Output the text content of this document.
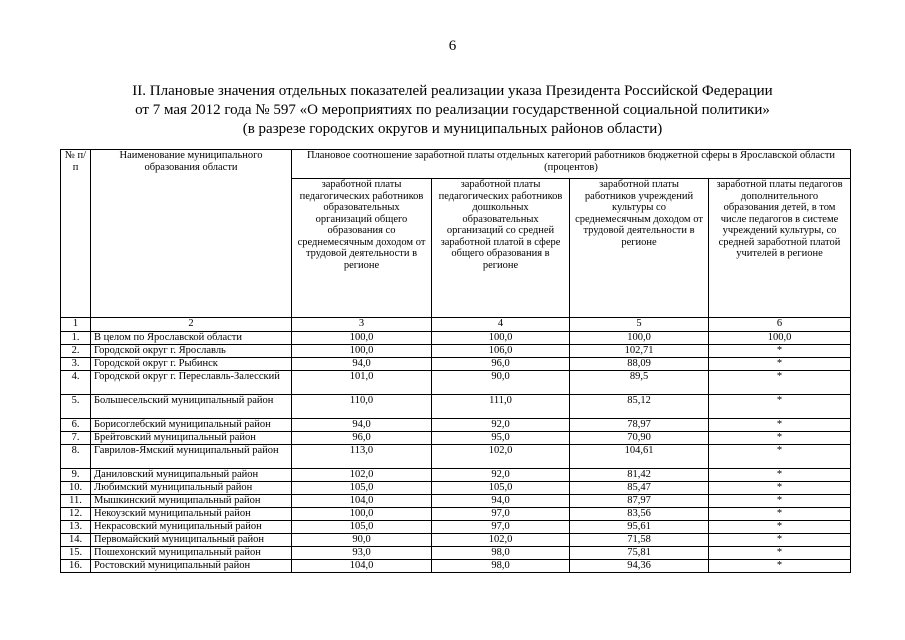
6
II. Плановые значения отдельных показателей реализации указа Президента Российской Федерации
от 7 мая 2012 года № 597 «О мероприятиях по реализации государственной социальной политики»
(в разрезе городских округов и муниципальных районов области)
№ п/п	Наименование муниципального образования области	Плановое соотношение заработной платы отдельных категорий работников бюджетной сферы в Ярославской области (процентов)			
		заработной платы педагогических работников образовательных организаций общего образования со среднемесячным доходом от трудовой деятельности в регионе	заработной платы педагогических работников дошкольных образовательных организаций со средней заработной платой в сфере общего образования в регионе	заработной платы работников учреждений культуры со среднемесячным доходом от трудовой деятельности в регионе	заработной платы педагогов дополнительного образования детей, в том числе педагогов в системе учреждений культуры, со средней заработной платой учителей в регионе
1	2	3	4	5	6
1.	В целом по Ярославской области	100,0	100,0	100,0	100,0
2.	Городской округ г. Ярославль	100,0	106,0	102,71	*
3.	Городской округ г. Рыбинск	94,0	96,0	88,09	*
4.	Городской округ г. Переславль-Залесский	101,0	90,0	89,5	*
5.	Большесельский муниципальный район	110,0	111,0	85,12	*
6.	Борисоглебский муниципальный район	94,0	92,0	78,97	*
7.	Брейтовский муниципальный район	96,0	95,0	70,90	*
8.	Гаврилов-Ямский муниципальный район	113,0	102,0	104,61	*
9.	Даниловский муниципальный район	102,0	92,0	81,42	*
10.	Любимский муниципальный район	105,0	105,0	85,47	*
11.	Мышкинский муниципальный район	104,0	94,0	87,97	*
12.	Некоузский муниципальный район	100,0	97,0	83,56	*
13.	Некрасовский муниципальный район	105,0	97,0	95,61	*
14.	Первомайский муниципальный район	90,0	102,0	71,58	*
15.	Пошехонский муниципальный район	93,0	98,0	75,81	*
16.	Ростовский муниципальный район	104,0	98,0	94,36	*
